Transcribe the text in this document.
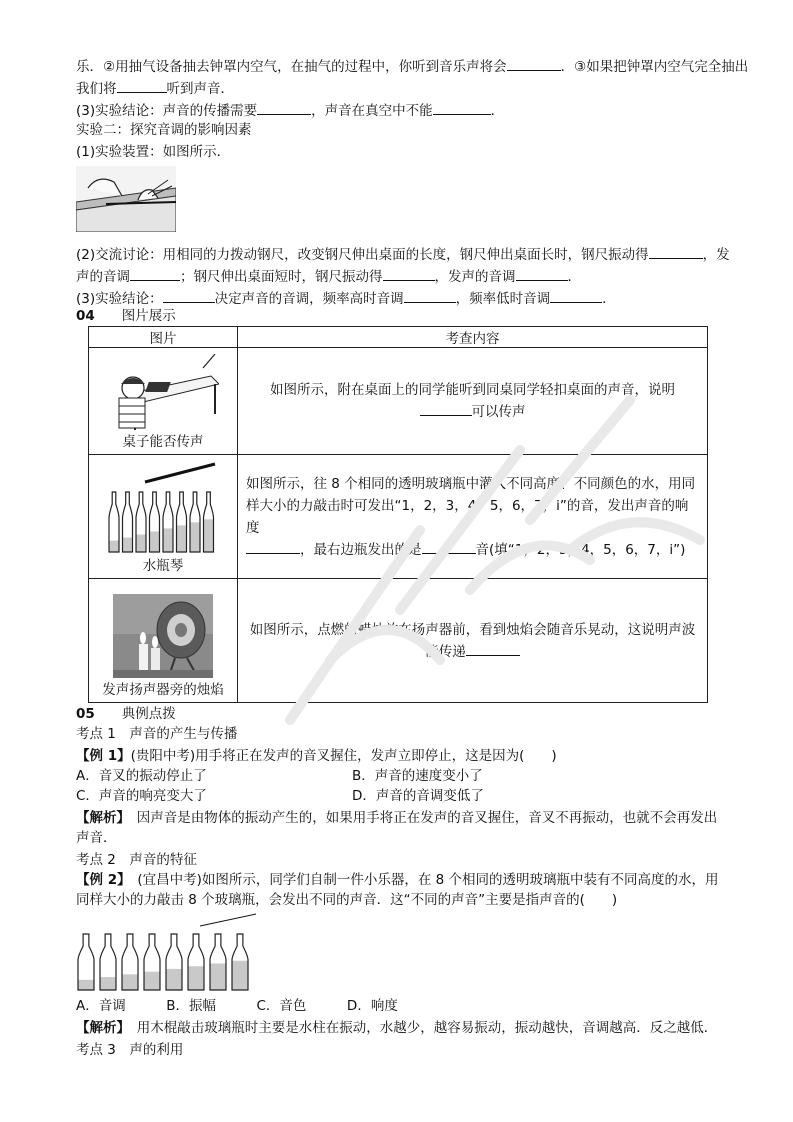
乐．②用抽气设备抽去钟罩内空气，在抽气的过程中，你听到音乐声将会	．③如果把钟罩内空气完全抽出
我们将	听到声音．
(3)实验结论：声音的传播需要	，声音在真空中不能	．
实验二：探究音调的影响因素
(1)实验装置：如图所示．
(2)交流讨论：用相同的力拨动钢尺，改变钢尺伸出桌面的长度，钢尺伸出桌面长时，钢尺振动得	，发
声的音调	；钢尺伸出桌面短时，钢尺振动得	，发声的音调	．
(3)实验结论：	决定声音的音调，频率高时音调	，频率低时音调	．
04　　 图片展示
图片	考查内容

桌子能否传声	如图所示，附在桌面上的同学能听到同桌同学轻扣桌面的声音，说明
可以传声

水瓶琴	如图所示，往 8 个相同的透明玻璃瓶中灌入不同高度、不同颜色的水，用同
样大小的力敲击时可发出“1，2，3，4，5，6，7，i”的音，发出声音的响度
，最右边瓶发出的是 音(填“1，2，3，4，5，6，7，i”)

发声扬声器旁的烛焰	如图所示，点燃的蜡烛放在扬声器前，看到烛焰会随音乐晃动，这说明声波
能传递
05　　 典例点拨
考点 1　声音的产生与传播
【例 1】(贵阳中考)用手将正在发声的音叉握住，发声立即停止，这是因为(　　)
A．音叉的振动停止了	B．声音的速度变小了
C．声音的响亮变大了	D．声音的音调变低了
【解析】　 因声音是由物体的振动产生的，如果用手将正在发声的音叉握住，音叉不再振动，也就不会再发出
声音．
考点 2　声音的特征
【例 2】　 (宜昌中考)如图所示，同学们自制一件小乐器，在 8 个相同的透明玻璃瓶中装有不同高度的水，用
同样大小的力敲击 8 个玻璃瓶，会发出不同的声音．这“不同的声音”主要是指声音的(　　)
A．音调　　　B．振幅　　　C．音色　　　D．响度
【解析】　 用木棍敲击玻璃瓶时主要是水柱在振动，水越少，越容易振动，振动越快，音调越高．反之越低．
考点 3　声的利用
